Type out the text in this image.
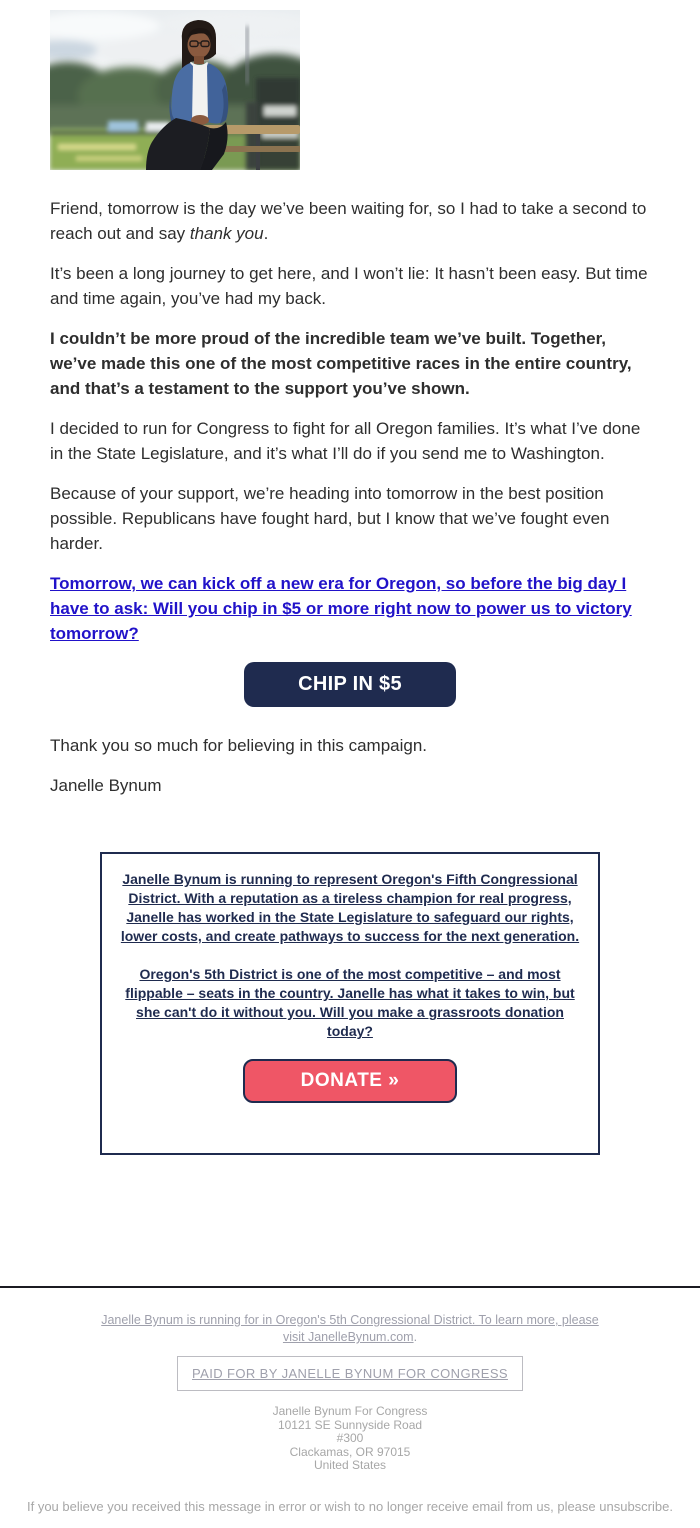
Friend, tomorrow is the day we’ve been waiting for, so I had to take a second to reach out and say thank you.

It’s been a long journey to get here, and I won’t lie: It hasn’t been easy. But time and time again, you’ve had my back.

I couldn’t be more proud of the incredible team we’ve built. Together, we’ve made this one of the most competitive races in the entire country, and that’s a testament to the support you’ve shown.

I decided to run for Congress to fight for all Oregon families. It’s what I’ve done in the State Legislature, and it’s what I’ll do if you send me to Washington.

Because of your support, we’re heading into tomorrow in the best position possible. Republicans have fought hard, but I know that we’ve fought even harder.

Tomorrow, we can kick off a new era for Oregon, so before the big day I have to ask: Will you chip in $5 or more right now to power us to victory tomorrow?

CHIP IN $5

Thank you so much for believing in this campaign.

Janelle Bynum

Janelle Bynum is running to represent Oregon's Fifth Congressional District. With a reputation as a tireless champion for real progress, Janelle has worked in the State Legislature to safeguard our rights, lower costs, and create pathways to success for the next generation.

Oregon's 5th District is one of the most competitive – and most flippable – seats in the country. Janelle has what it takes to win, but she can't do it without you. Will you make a grassroots donation today?

DONATE »

Janelle Bynum is running for in Oregon's 5th Congressional District. To learn more, please visit JanelleBynum.com.

PAID FOR BY JANELLE BYNUM FOR CONGRESS
Janelle Bynum For Congress
10121 SE Sunnyside Road
#300
Clackamas, OR 97015
United States

If you believe you received this message in error or wish to no longer receive email from us, please unsubscribe.
